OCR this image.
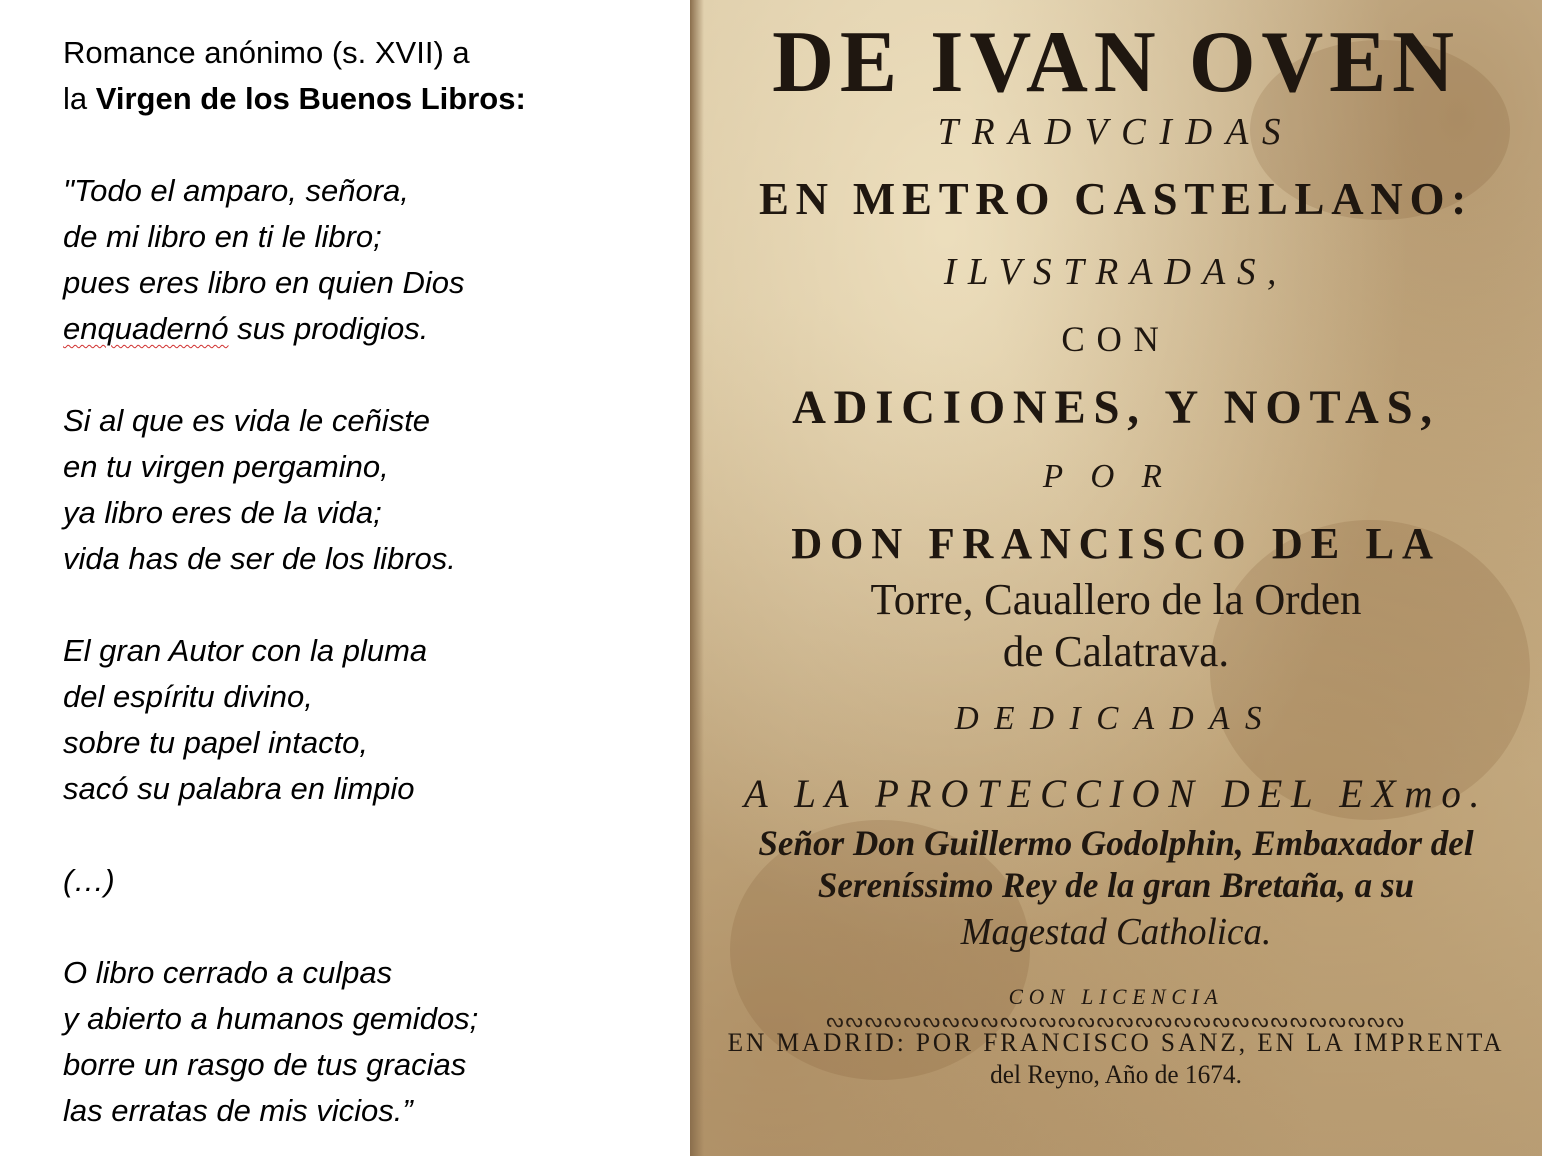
Romance anónimo (s. XVII) a
la Virgen de los Buenos Libros:
"Todo el amparo, señora,
de mi libro en ti le libro;
pues eres libro en quien Dios
enquadernó sus prodigios.
Si al que es vida le ceñiste
en tu virgen pergamino,
ya libro eres de la vida;
vida has de ser de los libros.
El gran Autor con la pluma
del espíritu divino,
sobre tu papel intacto,
sacó su palabra en limpio
(…)
O libro cerrado a culpas
y abierto a humanos gemidos;
borre un rasgo de tus gracias
las erratas de mis vicios.”
DE IVAN OVEN
TRADVCIDAS
EN METRO CASTELLANO:
ILVSTRADAS,
CON
ADICIONES, Y NOTAS,
POR
DON FRANCISCO DE LA
Torre, Cauallero de la Orden
de Calatrava.
DEDICADAS
A LA PROTECCION DEL EXmo.
Señor Don Guillermo Godolphin, Embaxador del
Sereníssimo Rey de la gran Bretaña, a su
Magestad Catholica.
CON LICENCIA
ᔓᔓᔓᔓᔓᔓᔓᔓᔓᔓᔓᔓᔓᔓᔓᔓᔓᔓᔓᔓᔓᔓᔓᔓᔓᔓᔓᔓᔓᔓ
EN MADRID: POR FRANCISCO SANZ, EN LA IMPRENTA
del Reyno, Año de 1674.
